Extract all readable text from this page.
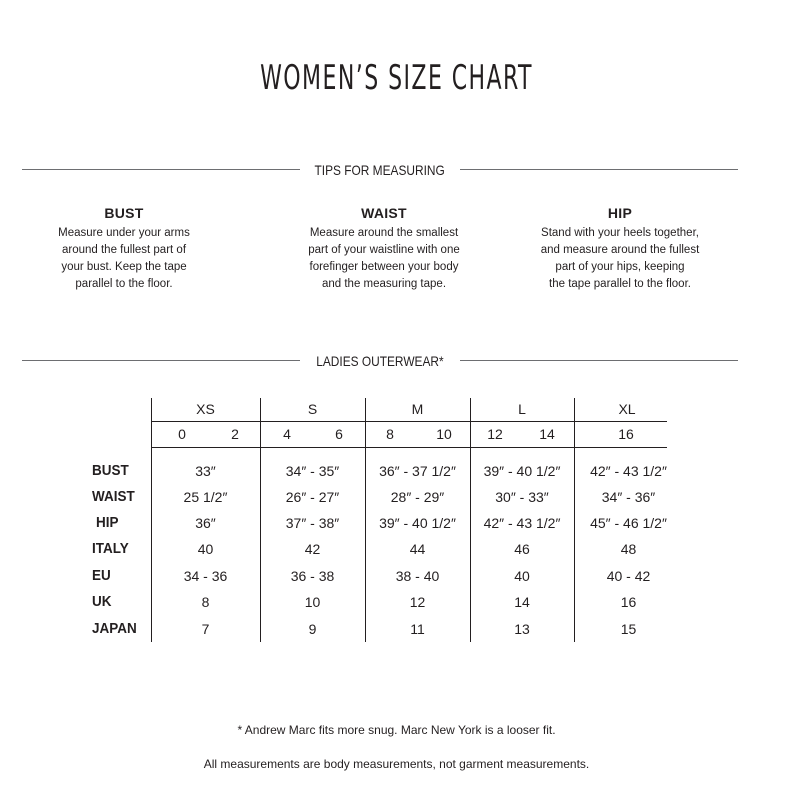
WOMEN’S SIZE CHART
TIPS FOR MEASURING
BUST

Measure under your arms
around the fullest part of
your bust. Keep the tape
parallel to the floor.

WAIST

Measure around the smallest
part of your waistline with one
forefinger between your body
and the measuring tape.

HIP

Stand with your heels together,
and measure around the fullest
part of your hips, keeping
the tape parallel to the floor.

LADIES OUTERWEAR*
XS	S	M	L	XL
0	2	4	6	8	10	12	14	16
BUST	33″	34″ - 35″	36″ - 37 1/2″	39″ - 40 1/2″	42″ - 43 1/2″
WAIST	25 1/2″	26″ - 27″	28″ - 29″	30″ - 33″	34″ - 36″
HIP	36″	37″ - 38″	39″ - 40 1/2″	42″ - 43 1/2″	45″ - 46 1/2″
ITALY	40	42	44	46	48
EU	34 - 36	36 - 38	38 - 40	40	40 - 42
UK	8	10	12	14	16
JAPAN	7	9	11	13	15
* Andrew Marc fits more snug. Marc New York is a looser fit.
All measurements are body measurements, not garment measurements.
